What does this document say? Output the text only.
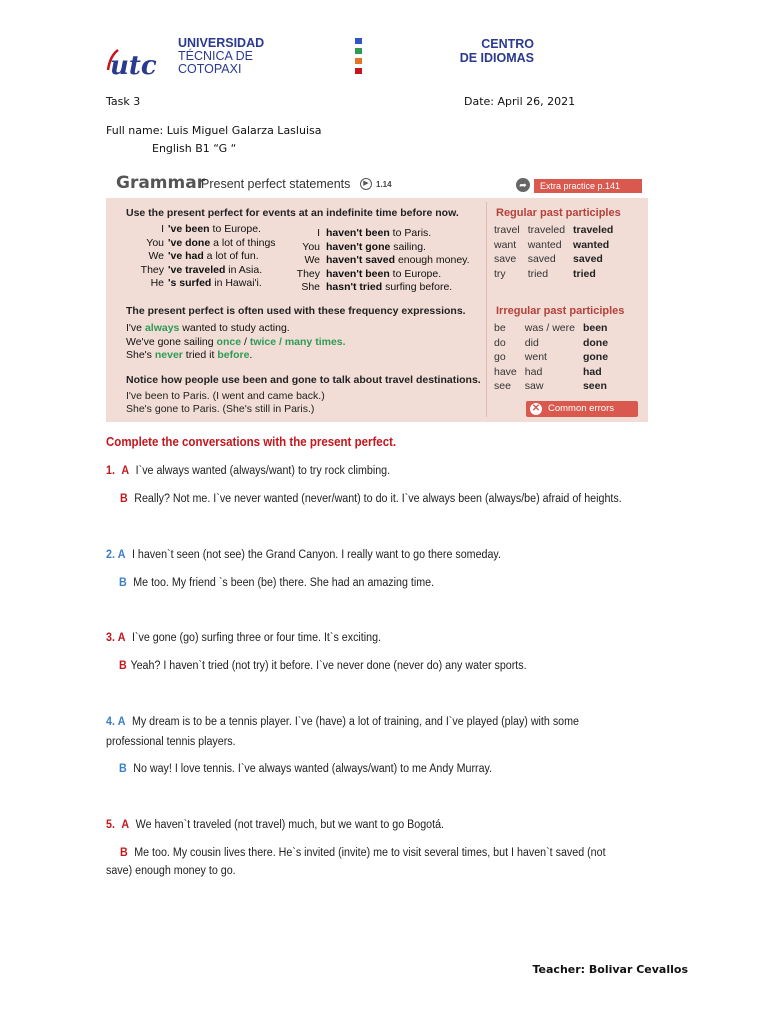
utc
UNIVERSIDAD
TÉCNICA DE
COTOPAXI
CENTRO
DE IDIOMAS
Task 3	Date: April 26, 2021
Full name: Luis Miguel Galarza Lasluisa
English B1 “G “
Grammar
Present perfect statements	▶ 1.14	➦	Extra practice p.141
Use the present perfect for events at an indefinite time before now.
I 've been to Europe.
You 've done a lot of things
We 've had a lot of fun.
They 've traveled in Asia.
He 's surfed in Hawai'i.
I haven't been to Paris.
You haven't gone sailing.
We haven't saved enough money.
They haven't been to Europe.
She hasn't tried surfing before.
The present perfect is often used with these frequency expressions.
I've always wanted to study acting.
We've gone sailing once / twice / many times.
She's never tried it before.
Notice how people use been and gone to talk about travel destinations.
I've been to Paris. (I went and came back.)
She's gone to Paris. (She's still in Paris.)
Regular past participles
travel	traveled	traveled
want	wanted	wanted
save	saved	saved
try	tried	tried
Irregular past participles
be	was / were	been
do	did	done
go	went	gone
have	had	had
see	saw	seen
✕ Common errors
Complete the conversations with the present perfect.
1. A I`ve always wanted (always/want) to try rock climbing.
B Really? Not me. I`ve never wanted (never/want) to do it. I`ve always been (always/be) afraid of heights.
2. A I haven`t seen (not see) the Grand Canyon. I really want to go there someday.
B Me too. My friend `s been (be) there. She had an amazing time.
3. A I`ve gone (go) surfing three or four time. It`s exciting.
B Yeah? I haven`t tried (not try) it before. I`ve never done (never do) any water sports.
4. A My dream is to be a tennis player. I`ve (have) a lot of training, and I`ve played (play) with some
professional tennis players.
B No way! I love tennis. I`ve always wanted (always/want) to me Andy Murray.
5. A We haven`t traveled (not travel) much, but we want to go Bogotá.
B Me too. My cousin lives there. He`s invited (invite) me to visit several times, but I haven`t saved (not
save) enough money to go.
Teacher: Bolivar Cevallos
